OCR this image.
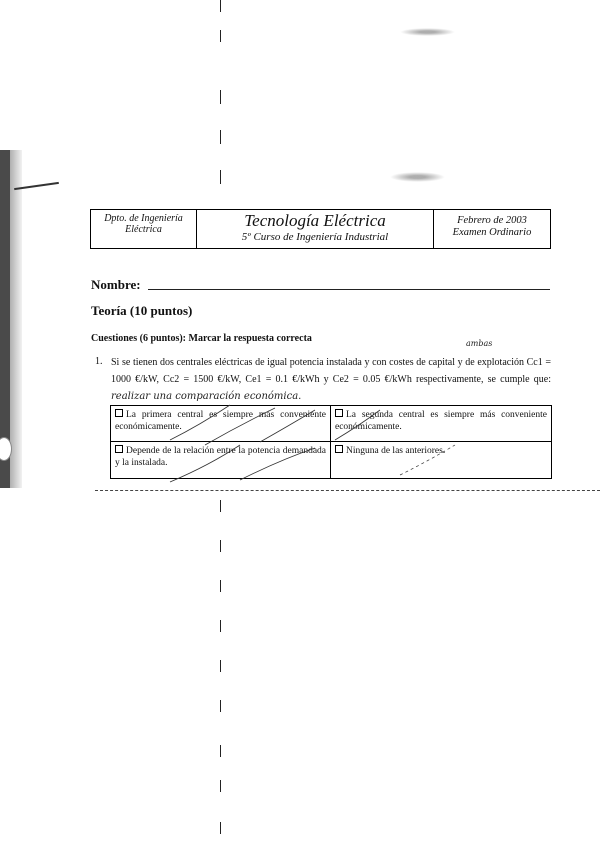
Dpto. de Ingeniería Eléctrica	Tecnología Eléctrica
5º Curso de Ingeniería Industrial
Febrero de 2003
Examen Ordinario
Nombre:
Teoría (10 puntos)
Cuestiones (6 puntos): Marcar la respuesta correcta
1.
ambas
Si se tienen dos centrales eléctricas de igual potencia instalada y con costes de capital y de explotación Cc1 = 1000 €/kW, Cc2 = 1500 €/kW, Ce1 = 0.1 €/kWh y Ce2 = 0.05 €/kWh respectivamente, se cumple que: realizar una comparación económica.
La primera central es siempre más conveniente económicamente.
La segunda central es siempre más conveniente económicamente.
Depende de la relación entre la potencia demandada y la instalada.
Ninguna de las anteriores.
